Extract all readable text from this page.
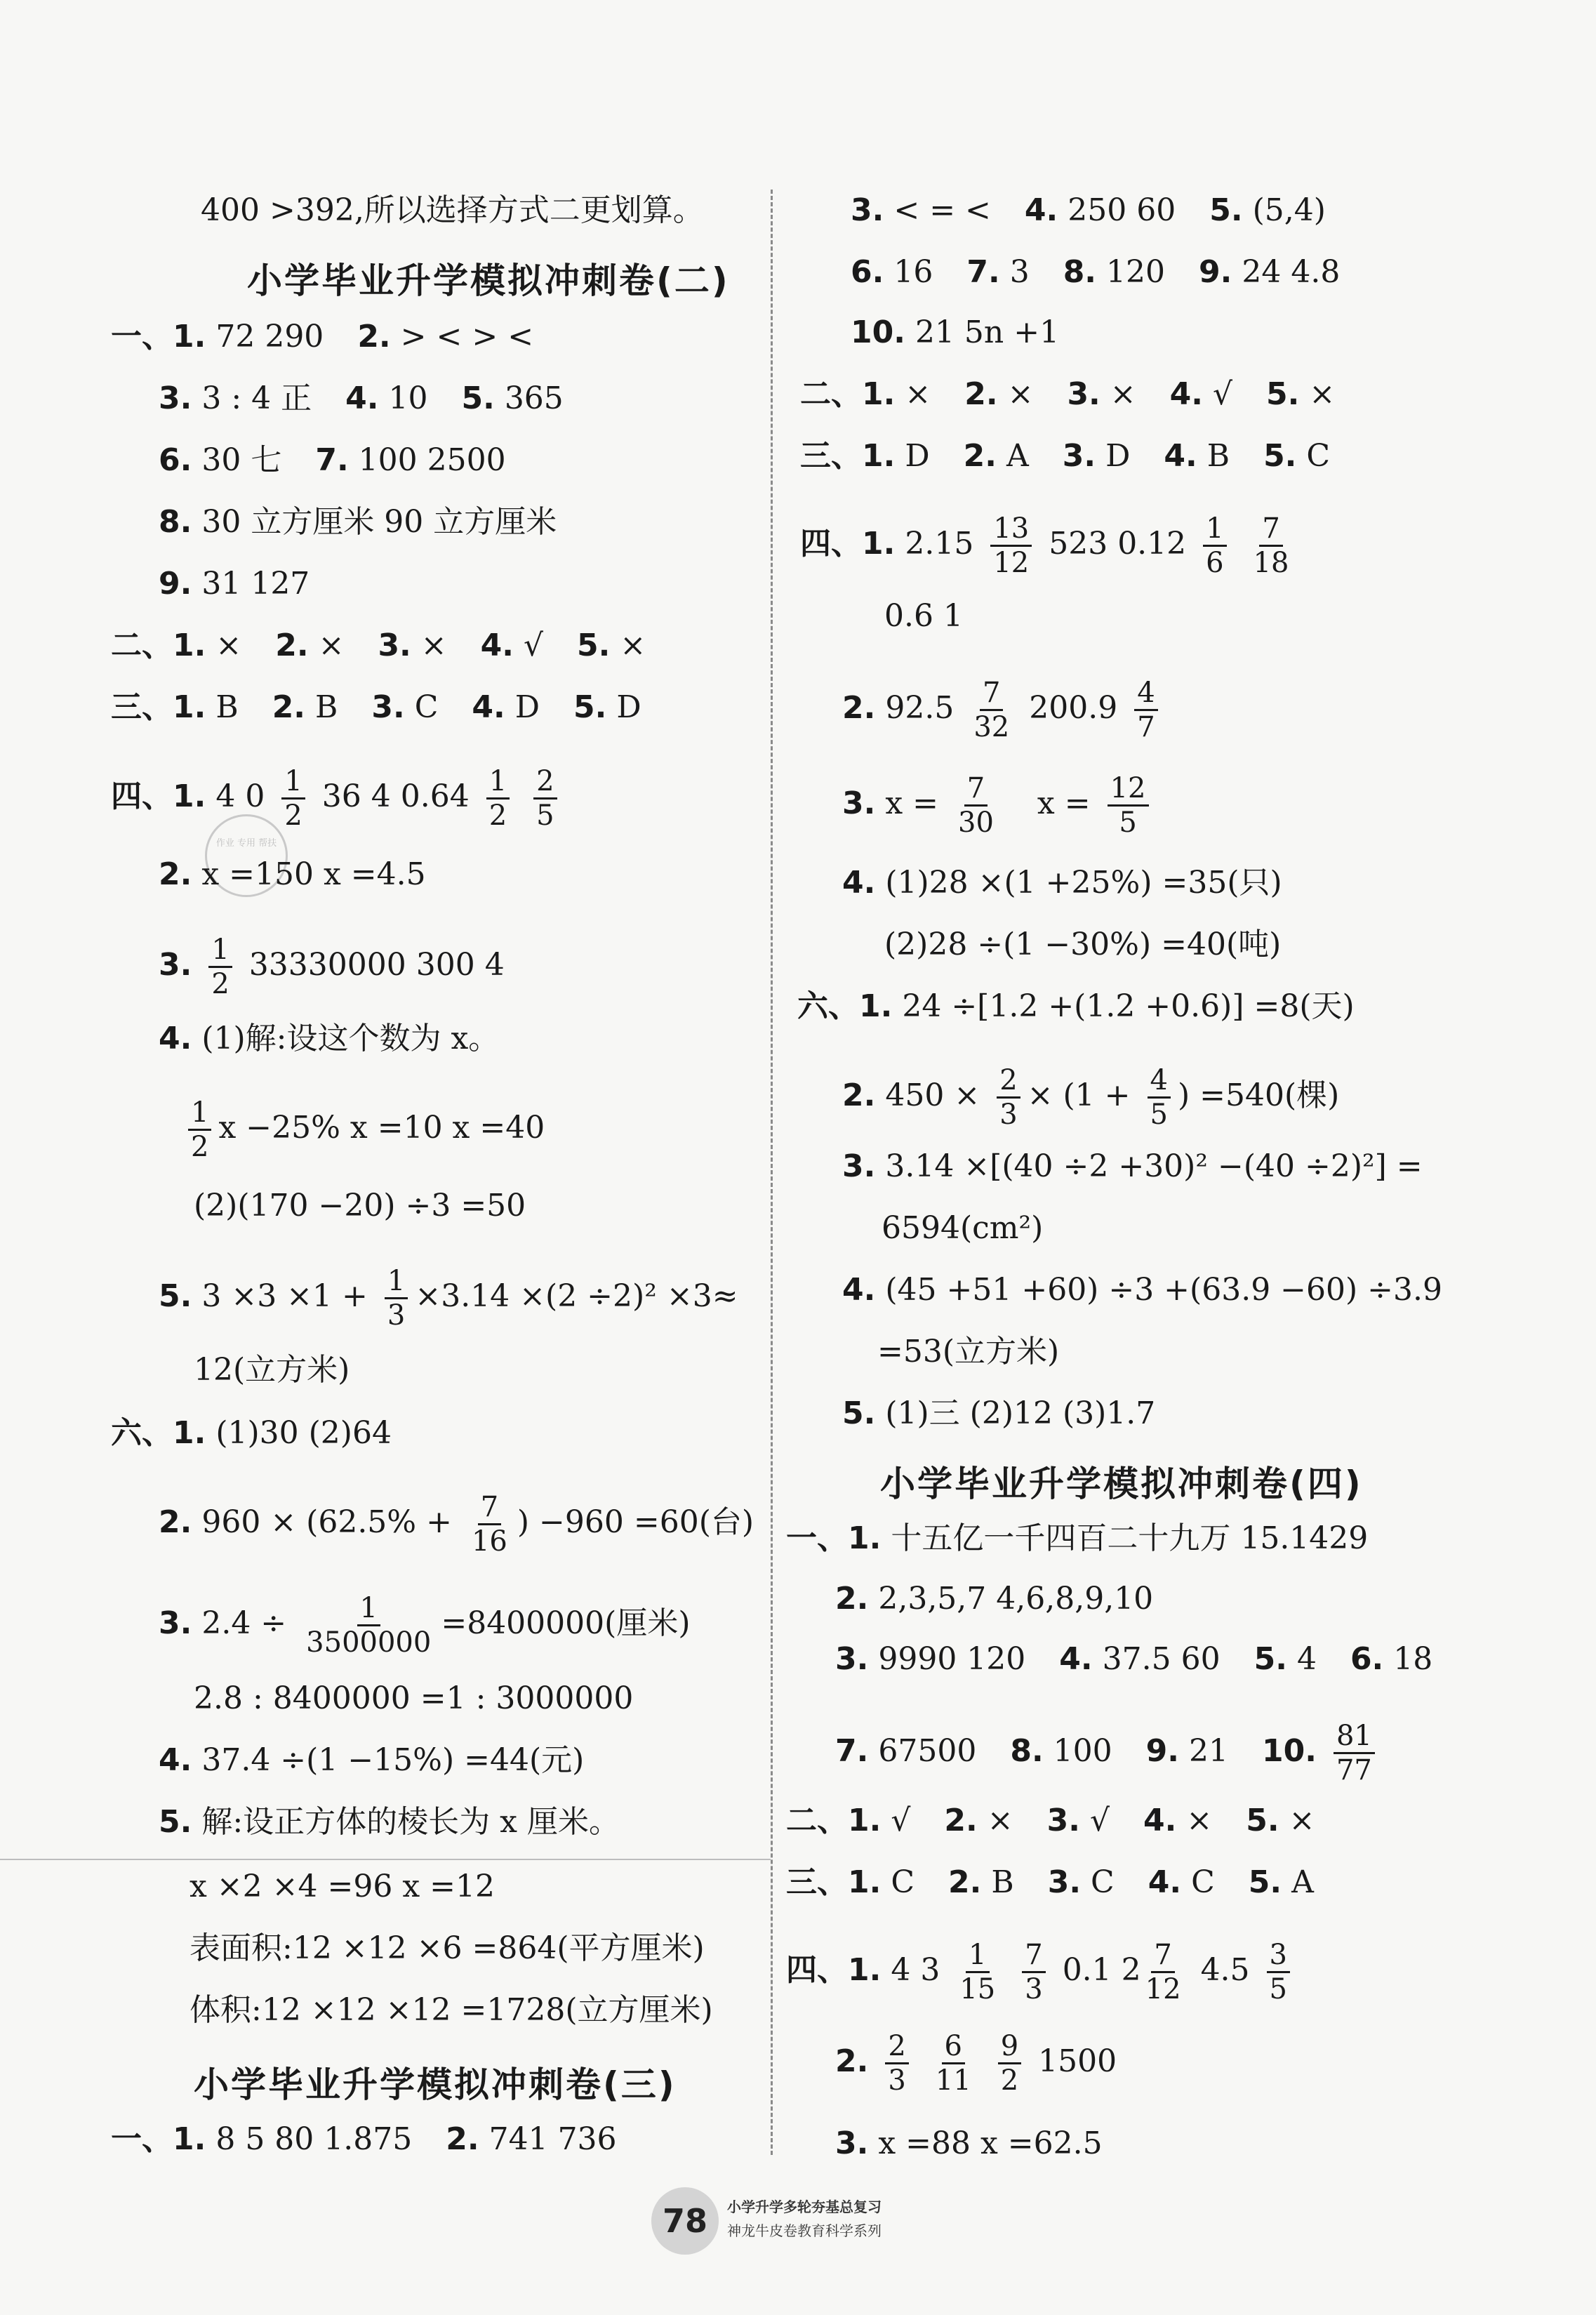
400 >392,所以选择方式二更划算。
小学毕业升学模拟冲刺卷(二)
一、1. 72 290 2. > < > <
3. 3 : 4 正 4. 10 5. 365
6. 30 七 7. 100 2500
8. 30 立方厘米 90 立方厘米
9. 31 127
二、1. × 2. × 3. × 4. √ 5. ×
三、1. B 2. B 3. C 4. D 5. D
四、1. 4 $0 \frac{1}{2} 36$ 4 $0.64 \frac{1}{2}$
$\frac{2}{5}$
作业 专用 帮扶
2. x =150 x =4.5
3. $\frac{1}{2} 33330000$ 300 4
4. (1)解:设这个数为 x。
$\frac{1}{2}$ x −25% x =10 x =40
(2)(170 −20) ÷3 =50
5. $3 \times 3 \times 1 + \frac{1}{3} \times 3.14 \times(2 \div 2)^2 \times 3\approx$
12(立方米)
六、1. (1)30 (2)64
2. $960 \times (62.5\% + \frac{7}{16}$ ) −960 =60(台)
3. $2.4 \div \frac{1}{3500000} =8400000$(厘米)
2.8 : 8400000 =1 : 3000000
4. 37.4 ÷(1 −15%) =44(元)
5. 解:设正方体的棱长为 x 厘米。
x ×2 ×4 =96 x =12
表面积:12 ×12 ×6 =864(平方厘米)
体积:12 ×12 ×12 =1728(立方厘米)
小学毕业升学模拟冲刺卷(三)
一、1. 8 5 80 1.875 2. 741 736
3. < = < 4. 250 60 5. (5,4)
6. 16 7. 3 8. 120 9. 24 4.8
10. 21 5n +1
二、1. × 2. × 3. × 4. √ 5. ×
三、1. D 2. A 3. D 4. B 5. C
四、1. $2.15 \frac{13}{12} 523$ $0.12 \frac{1}{6}$
$\frac{7}{18}$
0.6 1
2. $92.5 \frac{7}{32} 200.9 \frac{4}{7}$
3. $x = \frac{7}{30}$ $x = \frac{12}{5}$
4. (1)28 ×(1 +25%) =35(只)
(2)28 ÷(1 −30%) =40(吨)
六、1. 24 ÷[1.2 +(1.2 +0.6)] =8(天)
2. $450 \times \frac{2}{3} \times (1 + \frac{4}{5}$ ) =540(棵)
3. 3.14 ×[(40 ÷2 +30)² −(40 ÷2)²] =
6594(cm²)
4. (45 +51 +60) ÷3 +(63.9 −60) ÷3.9
=53(立方米)
5. (1)三 (2)12 (3)1.7
小学毕业升学模拟冲刺卷(四)
一、1. 十五亿一千四百二十九万 15.1429
2. 2,3,5,7 4,6,8,9,10
3. 9990 120 4. 37.5 60 5. 4 6. 18
7. 67500 8. 100 9. 21 10. $\frac{81}{77}$
二、1. √ 2. × 3. √ 4. × 5. ×
三、1. C 2. B 3. C 4. C 5. A
四、1. 4 $3 \frac{1}{15}$
$\frac{7}{3} 0.1$ $2 \frac{7}{12} 4.5 \frac{3}{5}$
2. $\frac{2}{3}$
$\frac{6}{11}$
$\frac{9}{2} 1500$
3. x =88 x =62.5
78	小学升学多轮夯基总复习
神龙牛皮卷教育科学系列
